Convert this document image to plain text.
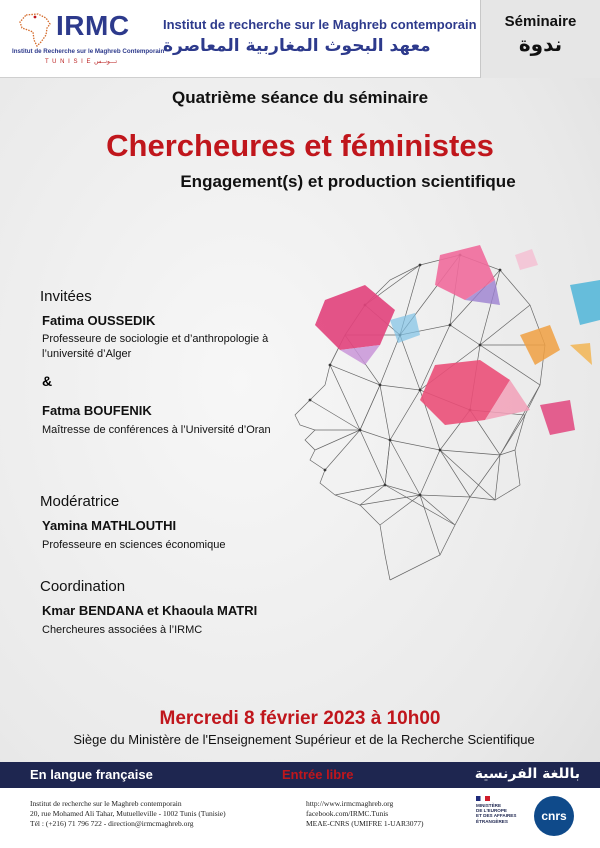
IRMC
Institut de Recherche sur le Maghreb Contemporain
T U N I S I E تـــونــس
Institut de recherche sur le Maghreb contemporain
معهد البحوث المغاربية المعاصرة
Séminaire
ندوة
Quatrième séance du séminaire
Chercheures et féministes
Engagement(s) et production scientifique
Invitées
Fatima OUSSEDIK
Professeure de sociologie et d’anthropologie à
l’université d’Alger
&
Fatma BOUFENIK
Maîtresse de conférences à l’Université d’Oran
Modératrice
Yamina MATHLOUTHI
Professeure en sciences économique
Coordination
Kmar BENDANA et Khaoula MATRI
Chercheures associées à l’IRMC
Mercredi 8 février 2023 à 10h00
Siège du Ministère de l'Enseignement Supérieur et de la Recherche Scientifique
En langue française	Entrée libre	باللغة الفرنسية
Institut de recherche sur le Maghreb contemporain
20, rue Mohamed Ali Tahar, Mutuelleville - 1002 Tunis (Tunisie)
Tél : (+216) 71 796 722 - direction@irmcmaghreb.org
http://www.irmcmaghreb.org
facebook.com/IRMC.Tunis
MEAE-CNRS (UMIFRE 1-UAR3077)
MINISTÈRE
DE L'EUROPE
ET DES AFFAIRES
ÉTRANGÈRES	cnrs
